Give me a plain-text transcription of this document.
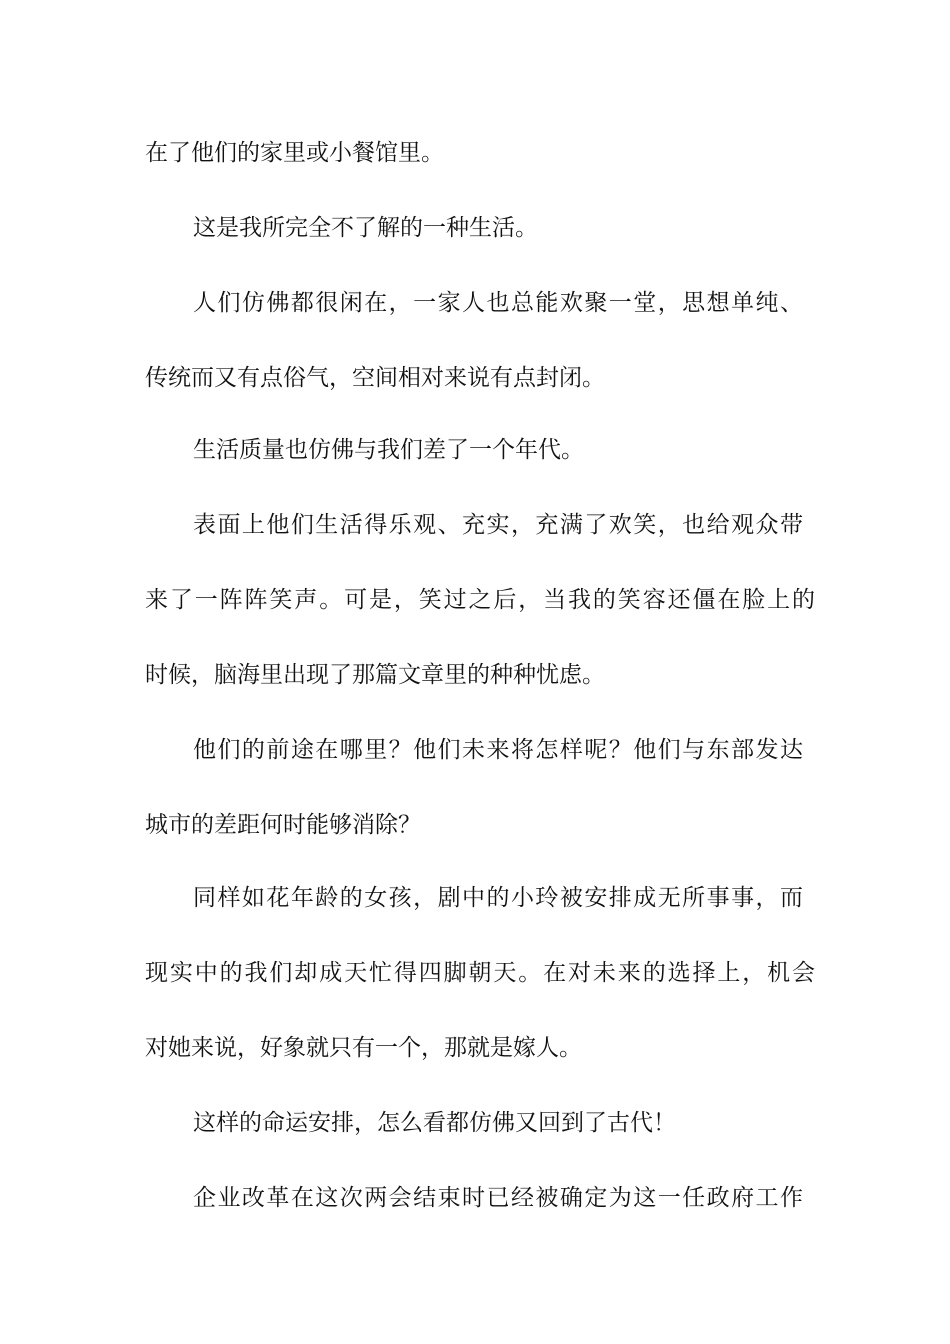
在了他们的家里或小餐馆里。
这是我所完全不了解的一种生活。
人们仿佛都很闲在，一家人也总能欢聚一堂，思想单纯、
传统而又有点俗气，空间相对来说有点封闭。
生活质量也仿佛与我们差了一个年代。
表面上他们生活得乐观、充实，充满了欢笑，也给观众带
来了一阵阵笑声。可是，笑过之后，当我的笑容还僵在脸上的
时候，脑海里出现了那篇文章里的种种忧虑。
他们的前途在哪里？他们未来将怎样呢？他们与东部发达
城市的差距何时能够消除？
同样如花年龄的女孩，剧中的小玲被安排成无所事事，而
现实中的我们却成天忙得四脚朝天。在对未来的选择上，机会
对她来说，好象就只有一个，那就是嫁人。
这样的命运安排，怎么看都仿佛又回到了古代！
企业改革在这次两会结束时已经被确定为这一任政府工作
